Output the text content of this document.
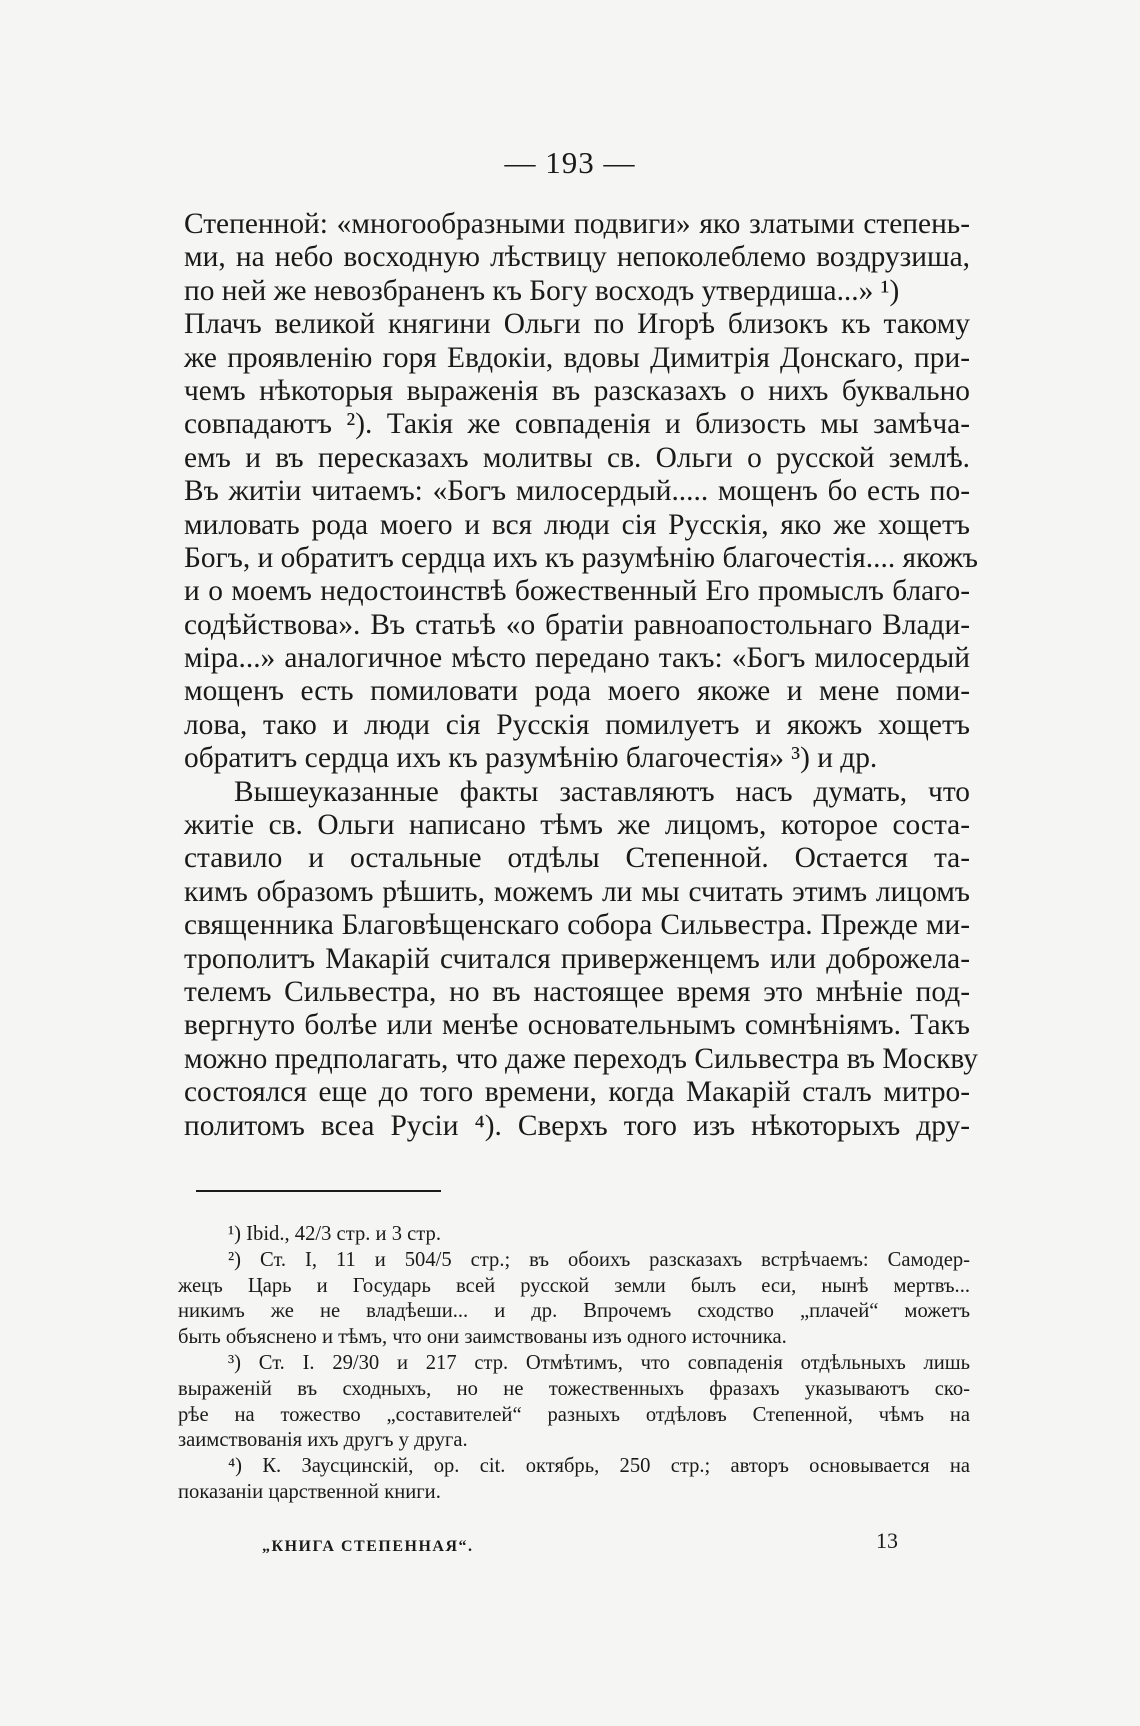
— 193 —
Степенной: «многообразными подвиги» яко златыми степень-
ми, на небо восходную лѣствицу непоколеблемо воздрузиша,
по ней же невозбраненъ къ Богу восходъ утвердиша...» ¹)
Плачъ великой княгини Ольги по Игорѣ близокъ къ такому
же проявленію горя Евдокіи, вдовы Димитрія Донскаго, при-
чемъ нѣкоторыя выраженія въ разсказахъ о нихъ буквально
совпадаютъ ²). Такія же совпаденія и близость мы замѣча-
емъ и въ пересказахъ молитвы св. Ольги о русской землѣ.
Въ житіи читаемъ: «Богъ милосердый..... мощенъ бо есть по-
миловать рода моего и вся люди сія Русскія, яко же хощетъ
Богъ, и обратитъ сердца ихъ къ разумѣнію благочестія.... якожъ
и о моемъ недостоинствѣ божественный Его промыслъ благо-
содѣйствова». Въ статьѣ «о братіи равноапостольнаго Влади-
міра...» аналогичное мѣсто передано такъ: «Богъ милосердый
мощенъ есть помиловати рода моего якоже и мене поми-
лова, тако и люди сія Русскія помилуетъ и якожъ хощетъ
обратитъ сердца ихъ къ разумѣнію благочестія» ³) и др.
Вышеуказанные факты заставляютъ насъ думать, что
житіе св. Ольги написано тѣмъ же лицомъ, которое соста-
ставило и остальные отдѣлы Степенной. Остается та-
кимъ образомъ рѣшить, можемъ ли мы считать этимъ лицомъ
священника Благовѣщенскаго собора Сильвестра. Прежде ми-
трополитъ Макарій считался приверженцемъ или доброжела-
телемъ Сильвестра, но въ настоящее время это мнѣніе под-
вергнуто болѣе или менѣе основательнымъ сомнѣніямъ. Такъ
можно предполагать, что даже переходъ Сильвестра въ Москву
состоялся еще до того времени, когда Макарій сталъ митро-
политомъ всеа Русіи ⁴). Сверхъ того изъ нѣкоторыхъ дру-
¹) Ibid., 42/3 стр. и 3 стр.
²) Ст. I, 11 и 504/5 стр.; въ обоихъ разсказахъ встрѣчаемъ: Самодер-
жецъ Царь и Государь всей русской земли былъ еси, нынѣ мертвъ...
никимъ же не владѣеши... и др. Впрочемъ сходство „плачей“ можетъ
быть объяснено и тѣмъ, что они заимствованы изъ одного источника.
³) Ст. I. 29/30 и 217 стр. Отмѣтимъ, что совпаденія отдѣльныхъ лишь
выраженій въ сходныхъ, но не тожественныхъ фразахъ указываютъ ско-
рѣе на тожество „составителей“ разныхъ отдѣловъ Степенной, чѣмъ на
заимствованія ихъ другъ у друга.
⁴) К. Заусцинскій, op. cit. октябрь, 250 стр.; авторъ основывается на
показаніи царственной книги.
„КНИГА СТЕПЕННАЯ“.	13
